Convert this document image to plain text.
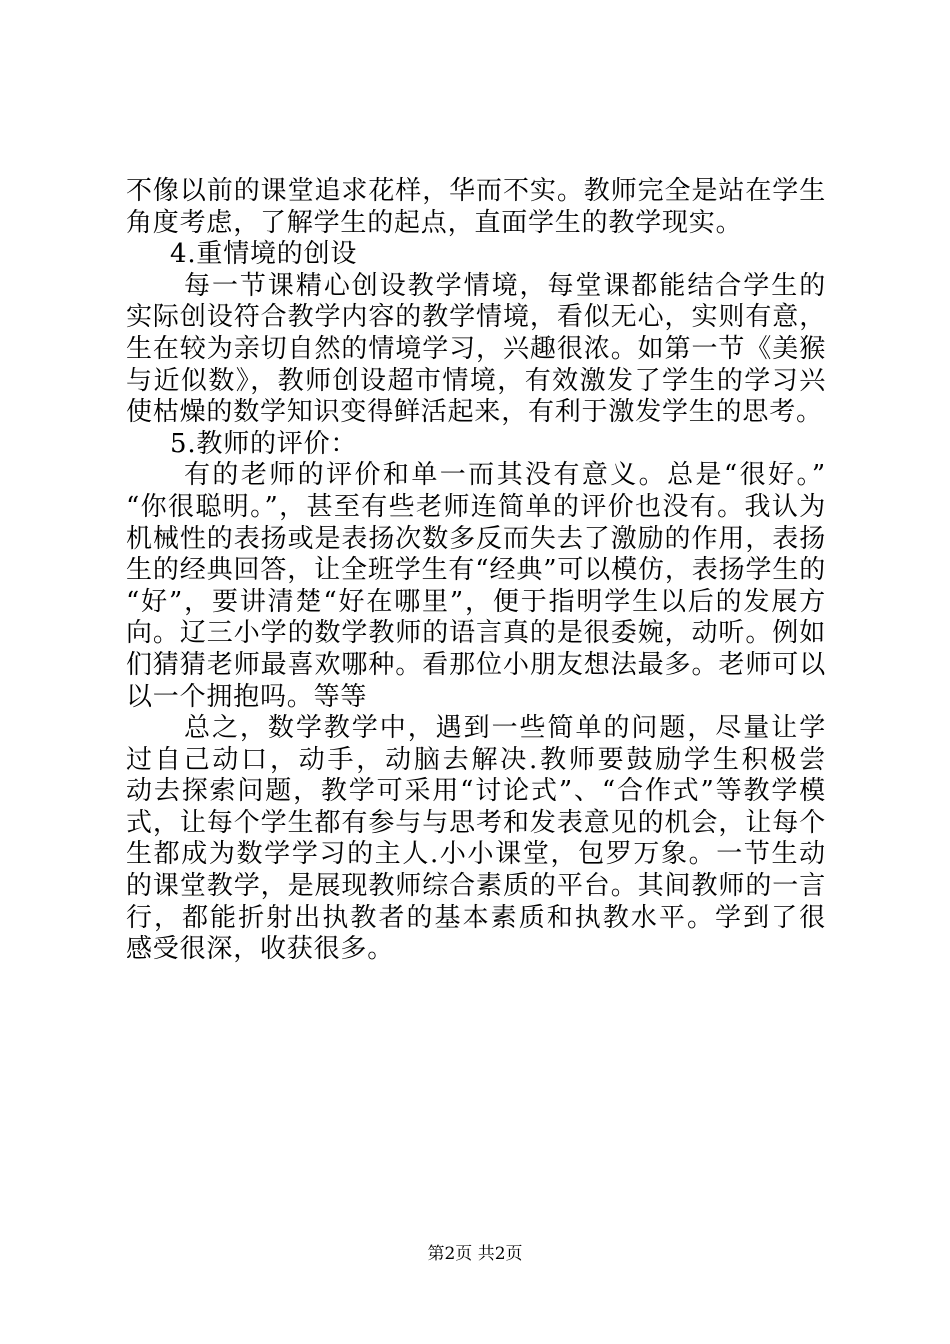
不像以前的课堂追求花样，华而不实。教师完全是站在学生
角度考虑，了解学生的起点，直面学生的教学现实。
4.重情境的创设
每一节课精心创设教学情境，每堂课都能结合学生的
实际创设符合教学内容的教学情境，看似无心，实则有意，
生在较为亲切自然的情境学习，兴趣很浓。如第一节《美猴
与近似数》，教师创设超市情境，有效激发了学生的学习兴
使枯燥的数学知识变得鲜活起来，有利于激发学生的思考。
5.教师的评价：
有的老师的评价和单一而其没有意义。总是“很好。”
“你很聪明。”，甚至有些老师连简单的评价也没有。我认为
机械性的表扬或是表扬次数多反而失去了激励的作用，表扬
生的经典回答，让全班学生有“经典”可以模仿，表扬学生的
“好”，要讲清楚“好在哪里”，便于指明学生以后的发展方
向。辽三小学的数学教师的语言真的是很委婉，动听。例如
们猜猜老师最喜欢哪种。看那位小朋友想法最多。老师可以
以一个拥抱吗。等等
总之，数学教学中，遇到一些简单的问题，尽量让学
过自己动口，动手，动脑去解决.教师要鼓励学生积极尝
动去探索问题，教学可采用“讨论式”、“合作式”等教学模
式，让每个学生都有参与与思考和发表意见的机会，让每个
生都成为数学学习的主人.小小课堂，包罗万象。一节生动
的课堂教学，是展现教师综合素质的平台。其间教师的一言
行，都能折射出执教者的基本素质和执教水平。学到了很
感受很深，收获很多。
第2页 共2页
